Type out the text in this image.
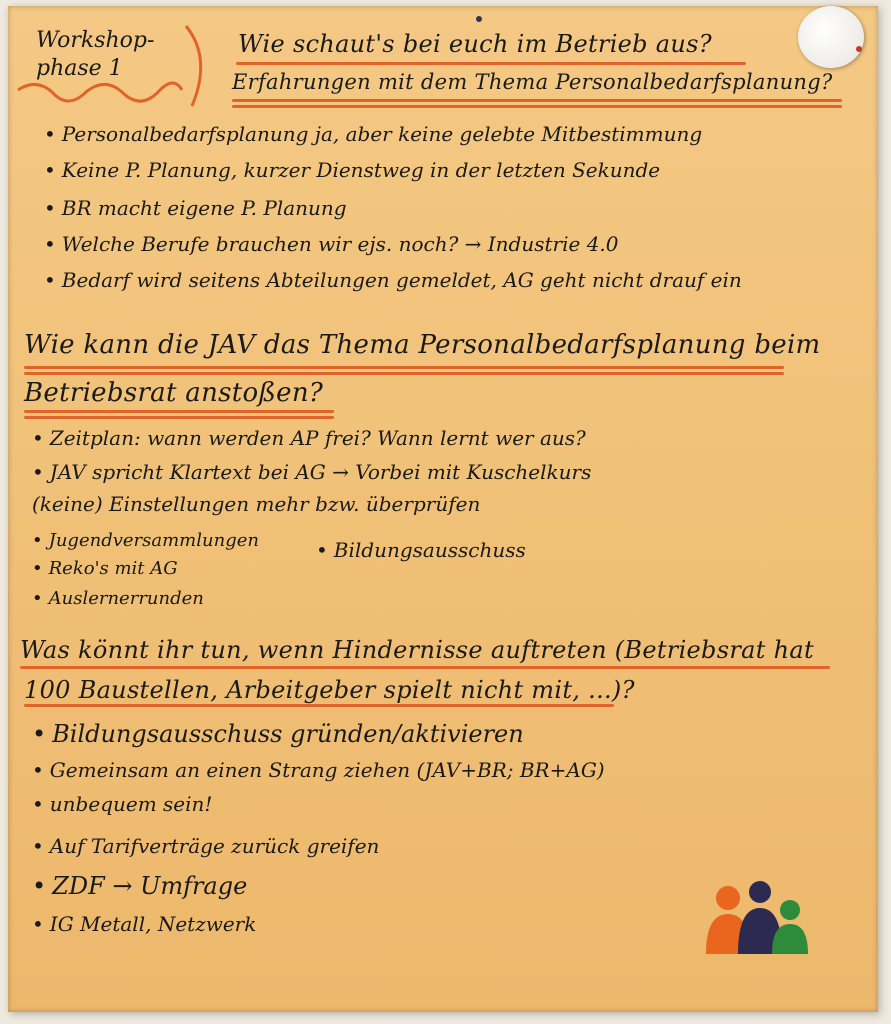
Workshop-
phase 1
Wie schaut's bei euch im Betrieb aus?
Erfahrungen mit dem Thema Personalbedarfsplanung?
• Personalbedarfsplanung ja, aber keine gelebte Mitbestimmung
• Keine P. Planung, kurzer Dienstweg in der letzten Sekunde
• BR macht eigene P. Planung
• Welche Berufe brauchen wir ejs. noch? → Industrie 4.0
• Bedarf wird seitens Abteilungen gemeldet, AG geht nicht drauf ein
Wie kann die JAV das Thema Personalbedarfsplanung beim
Betriebsrat anstoßen?
• Zeitplan: wann werden AP frei? Wann lernt wer aus?
• JAV spricht Klartext bei AG → Vorbei mit Kuschelkurs
(keine) Einstellungen mehr bzw. überprüfen
• Jugendversammlungen
• Reko's mit AG
• Auslernerrunden
• Bildungsausschuss
Was könnt ihr tun, wenn Hindernisse auftreten (Betriebsrat hat
100 Baustellen, Arbeitgeber spielt nicht mit, ...)?
• Bildungsausschuss gründen/aktivieren
• Gemeinsam an einen Strang ziehen (JAV+BR; BR+AG)
• unbequem sein!
• Auf Tarifverträge zurück greifen
• ZDF → Umfrage
• IG Metall, Netzwerk
